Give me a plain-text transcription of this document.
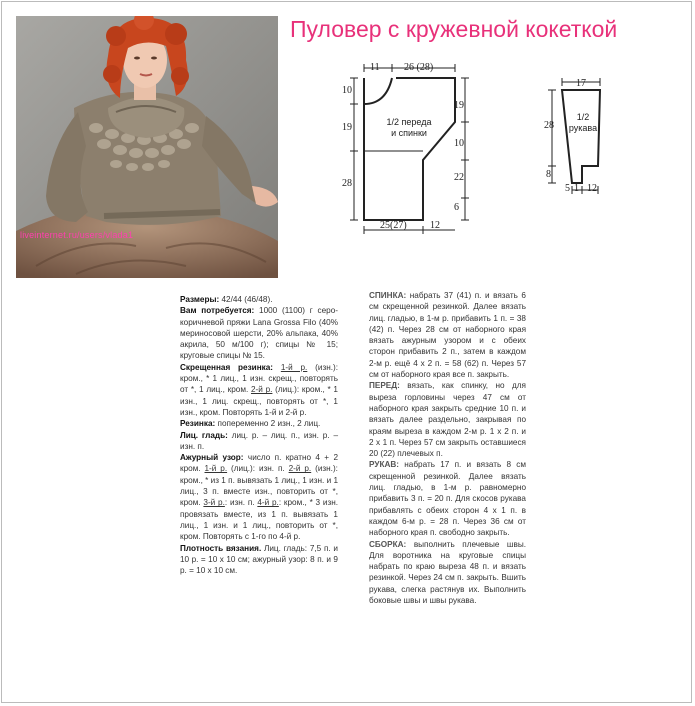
liveinternet.ru/users/vlada1
Пуловер с кружевной кокеткой
11 26 (28)
10
19
28
1/2 переда
и спинки
19
10
22
6
25(27) 12
17
28
1/2
рукава
8
5 1 12

Размеры: 42/44 (46/48).

Вам потребуется: 1000 (1100) г серо-коричневой пряжи Lana Grossa Filo (40% мериносовой шерсти, 20% альпака, 40% акрила, 50 м/100 г); спицы № 15; круговые спицы № 15.

Скрещенная резинка: 1-й р. (изн.): кром., * 1 лиц., 1 изн. скрещ., повторять от *, 1 лиц., кром. 2-й р. (лиц.): кром., * 1 изн., 1 лиц. скрещ., повторять от *, 1 изн., кром. Повторять 1-й и 2-й р.

Резинка: попеременно 2 изн., 2 лиц.

Лиц. гладь: лиц. р. – лиц. п., изн. р. – изн. п.

Ажурный узор: число п. кратно 4 + 2 кром. 1-й р. (лиц.): изн. п. 2-й р. (изн.): кром., * из 1 п. вывязать 1 лиц., 1 изн. и 1 лиц., 3 п. вместе изн., повторить от *, кром. 3-й р.: изн. п. 4-й р.: кром., * 3 изн. провязать вместе, из 1 п. вывязать 1 лиц., 1 изн. и 1 лиц., повторить от *, кром. Повторять с 1-го по 4-й р.

Плотность вязания. Лиц. гладь: 7,5 п. и 10 р. = 10 х 10 см; ажурный узор: 8 п. и 9 р. = 10 х 10 см.

СПИНКА: набрать 37 (41) п. и вязать 6 см скрещенной резинкой. Далее вязать лиц. гладью, в 1-м р. прибавить 1 п. = 38 (42) п. Через 28 см от наборного края вязать ажурным узором и с обеих сторон прибавить 2 п., затем в каждом 2-м р. ещё 4 х 2 п. = 58 (62) п. Через 57 см от наборного края все п. закрыть.

ПЕРЕД: вязать, как спинку, но для выреза горловины через 47 см от наборного края закрыть средние 10 п. и вязать далее раздельно, закрывая по краям выреза в каждом 2-м р. 1 х 2 п. и 2 х 1 п. Через 57 см закрыть оставшиеся 20 (22) плечевых п.

РУКАВ: набрать 17 п. и вязать 8 см скрещенной резинкой. Далее вязать лиц. гладью, в 1-м р. равномерно прибавить 3 п. = 20 п. Для скосов рукава прибавлять с обеих сторон 4 х 1 п. в каждом 6-м р. = 28 п. Через 36 см от наборного края п. свободно закрыть.

СБОРКА: выполнить плечевые швы. Для воротника на круговые спицы набрать по краю выреза 48 п. и вязать резинкой. Через 24 см п. закрыть. Вшить рукава, слегка растянув их. Выполнить боковые швы и швы рукава.
